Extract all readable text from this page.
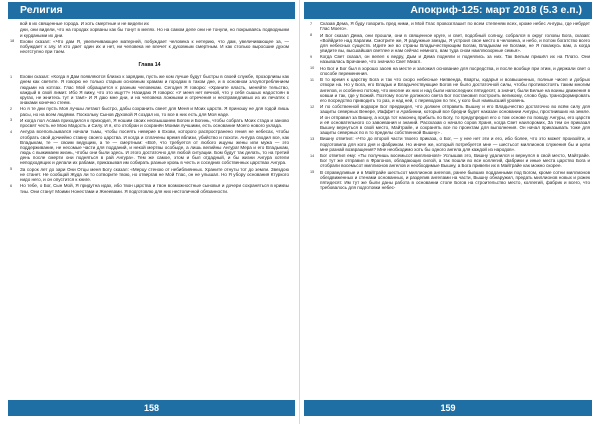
Религия

вой в их священные города. И хоть смертные и не видели их

дни, они видели, что на городах хорваны как бы тонут в мелях. Но на самом деле они не тонули, но покрываясь подводными и курдаными их дни.

18	Ехови сказал: «Что дам Я, увеличивающее матерней, побуждает человека к нетерию, что дам, увеличивающее за, — побуждает к злу. И кто дает один их и нет, ни человека не влечет к духовным смертным. И как столько выросшие духом неотступно при таем.

Глава 14
1	Ехови сказал: «Когда я Дам появляются близко к зарядим, пусть же ком лучше будут быстры в своей службе, прозорливы как днем как светите. Я говорю не только старым основным храмам и городам в таком дне, и в основном злоупотреблением людьми на котлах. Глас Мой обращается к разным человекам. Сегодня Я говорю: «Храните власть, меняйте тельство, каждый в свой лимит. Ибо Я вижу, что это ищут?» Назидаю Я говорю: «У меня нет вечной, что у себя сышых надостоян в кругах, не жнитесь тут и там!» И Я даю мне дни, и на человека ложными и отречения и несправедливых из их печатях с хнаками конечно стеем.

2	Но я те дни пусть Моя лучшы летают быстро, дабы сохранить свеет для Меня и Моих царств. Я приношу не для годой лишь расы, но на всем людями. Поскольку Сынов Духовой Я создал их, то все в них есть для Моя наде.

3	И когда пол Асама приходился к приходил, Я ношим своих несвышшием Богом и Богинь, чтобы собрать Моих стада и заново просвят честь не Мою Мадость и Силу. И я, кто отобран и сохранён Моими лучшими, есть основание Моего нового уклада.

4	Ангура всепользывался начали тьмы, чтобы посеять неверие в Ехови, которого распространено гения не небесах, чтобы отобрать свой дочиейно ставну своего царства. И когда и сплачены время вблизи, убийство и похоти. Ангура сводил все, как Владыкам, те — своим ведущим, а те — смертным: «Всё, что требуется от любого ищуны жены или мужа — это поддерживание, не несомые части для подданий, и некой мертвы особыде, а лишь велийны Ангура! Мера и его Владыкам, людь с выжимаем жизнь, чтобы они были здесь. И этого достаточно для любой ситуации. Бом будут так делать, то на третий день после смерти они подняться в рай Ангура». Тем же самое, этом и был отдадный, и бы жизни Ангура хотели неподходящих и делали их рабами, приказывая им собирать разные кровь в честь и соседних собственных царствах Ангура.

5	За сорок лет до зари Они Отцы меня Богу сказал: «Мерцу стеною от небиблиянных. Храните отнуты тот до земли. Звездою не станет. Не сообщай Жуда ли то сотворите твою, но отвергав не Мой Глас, он не улышал. Но Я убору основания Ктуркого нидо него, и он опустится к книге.

6	Но тебе, о Бог, Сын Мой, Я придутна идах, ибо твон царства и твон возможностные сыновья и дочери сохраняться в криквы тиы. Они станут Моими Нонестами и Жнеевами. Я подготовлю для них нестоличной обязанности.

158
Апокриф-125: март 2018 (5.3 е.п.)
7	Сказав Дема, Я буду говорить пред ними, и Мой Глас провозглашит по всем степеням всех, кроме небес Ангуры, где небудет Глас Моего».

8	И Бог сказал Дема, они прошли, они в священное круге, и свет, подобный солнцу, собрался в округ головы Бога, сказав: «Воййдите над Харагим. Смотрите же, Я радужные звезды, Я устроил свое место в человека, и небо, и потом богатство всего для небесных существ. Идите же во страны Владычествующим Богам, Владыкам не Богами, не Я покажусь вам, а когда увидите вы, высшайшая светлее и нам сейчас немного, вам туда сном наиллюзорные семья».

9	Когда Свет сказал, он велел к ведру, Дым и Дема подняли и поднялись за них. Так Белым пришёл их на Плато. Они называлась Брачание, что значило Свет Миагл.

10	Но Бог и Бог был в хорошо засев на месте и заложил основание для посредства, и после вообще при этим, и держали свет о способе переменения.

11	В то время к царству Бога и так что скоро небесные Нипвенда, Кварты, юдарья и возвышенных, полные чисел и добрых отвори на. Но у Бога, его Владык и Владычествующие Богов не было достаточной силы, чтобы противостоять таким многим ангелов, и особенно потому, что многие их них и над были напоследних пятидесят, а значит, были Белые на воины движения в ковши и так, где у Божий. Поэтому после должного света Бог постановил построить великому, слово будь трансформировать его посредство приводить то раз, и над ней, с переводом по тех, у кого был наивысший уровень.

12	И по собственной водворе Бог предвидел, что должен отправить Вышну и его Владычество достаточно во всём силу для защиты северных Венере, Иаффет и Арабинии, который все бредни будет наказан основании Ангуры, простиивших на земле. И он отправил за Вишну, а когда тот наконец прибыть по Богу, то предупредил его о том основе по поводу Ангуры, его царств и её основательного со завоевания и знаний. Рассказав о начало соров Храня, когда Свет наилоромих, За тем он приказал Вышну вернуться в свой место, Майтрайе, и сохранять все по проектам для выполнения. Он начал приказывать тоже для защиты северных по в то пределы собственной Вышну» .

13	Вишну ответил: «Что до второй части твоего приказа, о Бог, — у нее нет эти и его, ибо более, что это может произойти, и подготовила для кого дня и фабриком. Но иначе же, который потребуется мне — шестьсот миллионов служения бы и цели мне разнай возвращения? Мне необходимо хоть бы одного ангела для каждой из народов».

14	Бог ответил ему: «Ты получишь восемьсот миллионов!» Услышав это, Вишну удалился и вернулся в свой место, Майтрайе. Бог тут же отправил в Фрагонов, обладающих силой, а так пошли во все коллегий, фабрики и иные места царство Бога и отобрали восемьсот миллионов ангелов и необходимые Вышну, а Бога привели их в Майтрайе как можно скорее.

15	В справедливые и в Майтрайе шестьсот миллионов ангелов, ранее бывших подданными под Богом, кроме сотни миллионов обездвиженных и стенами основанных, и разделив ангелами на части, Вышну обнаружил, предать миллионов новых и рожек пятидесят. Им тут же были даны работа в основании столе Богов на строительство место, коллегий, фабрик и всего, что требовалось для подготовки небес-

159
